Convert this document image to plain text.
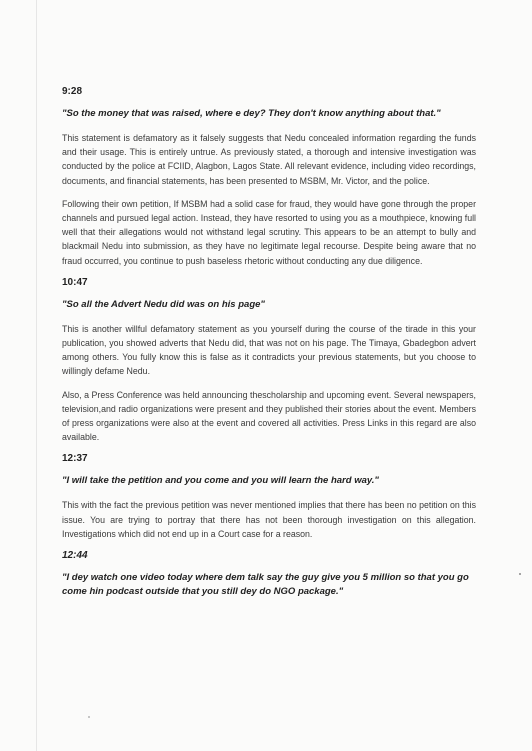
9:28
"So the money that was raised, where e dey? They don't know anything about that."

This statement is defamatory as it falsely suggests that Nedu concealed information regarding the funds and their usage. This is entirely untrue. As previously stated, a thorough and intensive investigation was conducted by the police at FCIID, Alagbon, Lagos State. All relevant evidence, including video recordings, documents, and financial statements, has been presented to MSBM, Mr. Victor, and the police.

Following their own petition, If MSBM had a solid case for fraud, they would have gone through the proper channels and pursued legal action. Instead, they have resorted to using you as a mouthpiece, knowing full well that their allegations would not withstand legal scrutiny. This appears to be an attempt to bully and blackmail Nedu into submission, as they have no legitimate legal recourse. Despite being aware that no fraud occurred, you continue to push baseless rhetoric without conducting any due diligence.

10:47
"So all the Advert Nedu did was on his page"

This is another willful defamatory statement as you yourself during the course of the tirade in this your publication, you showed adverts that Nedu did, that was not on his page. The Timaya, Gbadegbon advert among others. You fully know this is false as it contradicts your previous statements, but you choose to willingly defame Nedu.

Also, a Press Conference was held announcing thescholarship and upcoming event. Several newspapers, television,and radio organizations were present and they published their stories about the event. Members of press organizations were also at the event and covered all activities. Press Links in this regard are also available.

12:37
"I will take the petition and you come and you will learn the hard way."

This with the fact the previous petition was never mentioned implies that there has been no petition on this issue. You are trying to portray that there has not been thorough investigation on this allegation. Investigations which did not end up in a Court case for a reason.

12:44
"I dey watch one video today where dem talk say the guy give you 5 million so that you go come hin podcast outside that you still dey do NGO package."
